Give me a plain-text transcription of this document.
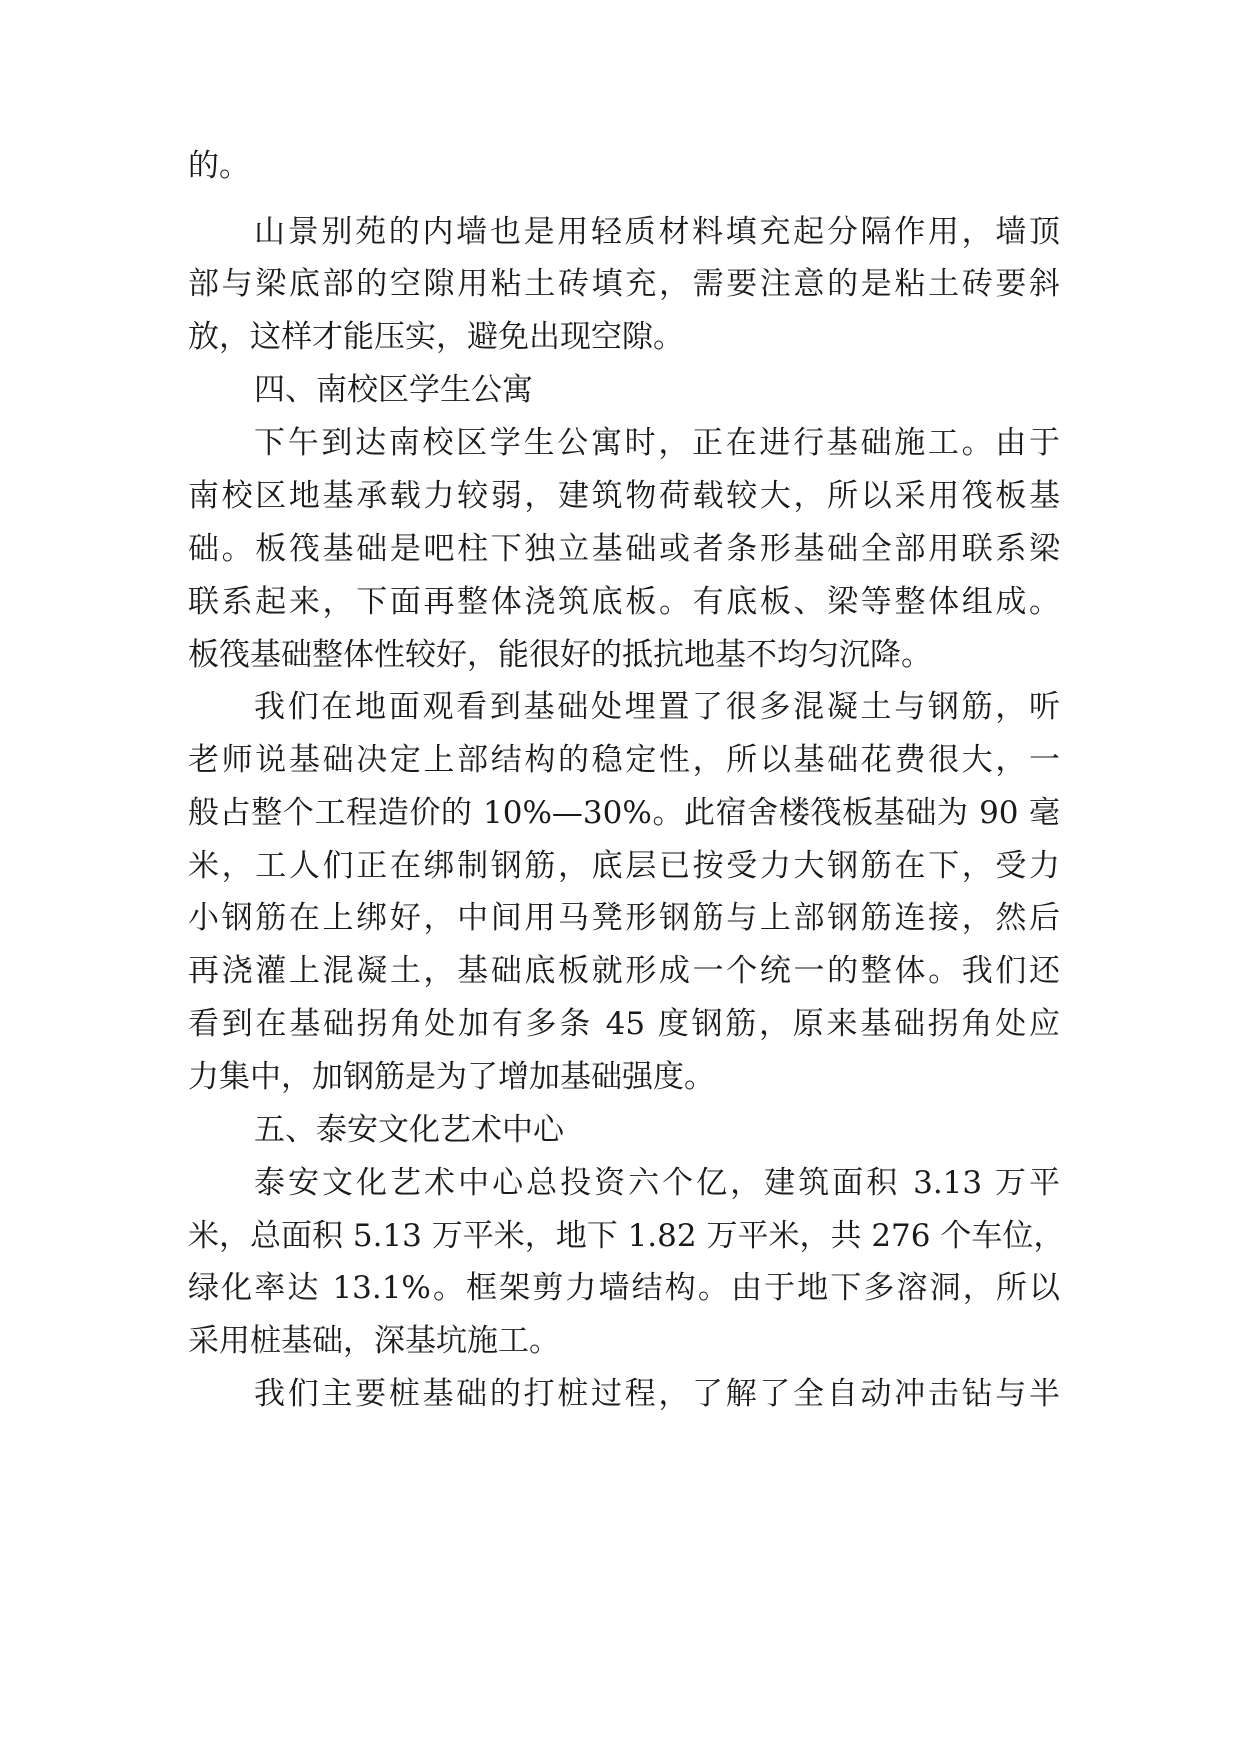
的。
山景别苑的内墙也是用轻质材料填充起分隔作用，墙顶
部与梁底部的空隙用粘土砖填充，需要注意的是粘土砖要斜
放，这样才能压实，避免出现空隙。
四、南校区学生公寓
下午到达南校区学生公寓时，正在进行基础施工。由于
南校区地基承载力较弱，建筑物荷载较大，所以采用筏板基
础。板筏基础是吧柱下独立基础或者条形基础全部用联系梁
联系起来，下面再整体浇筑底板。有底板、梁等整体组成。
板筏基础整体性较好，能很好的抵抗地基不均匀沉降。
我们在地面观看到基础处埋置了很多混凝土与钢筋，听
老师说基础决定上部结构的稳定性，所以基础花费很大，一
般占整个工程造价的 10%—30%。此宿舍楼筏板基础为 90 毫
米，工人们正在绑制钢筋，底层已按受力大钢筋在下，受力
小钢筋在上绑好，中间用马凳形钢筋与上部钢筋连接，然后
再浇灌上混凝土，基础底板就形成一个统一的整体。我们还
看到在基础拐角处加有多条 45 度钢筋，原来基础拐角处应
力集中，加钢筋是为了增加基础强度。
五、泰安文化艺术中心
泰安文化艺术中心总投资六个亿，建筑面积 3.13 万平
米，总面积 5.13 万平米，地下 1.82 万平米，共 276 个车位，
绿化率达 13.1%。框架剪力墙结构。由于地下多溶洞，所以
采用桩基础，深基坑施工。
我们主要桩基础的打桩过程，了解了全自动冲击钻与半
